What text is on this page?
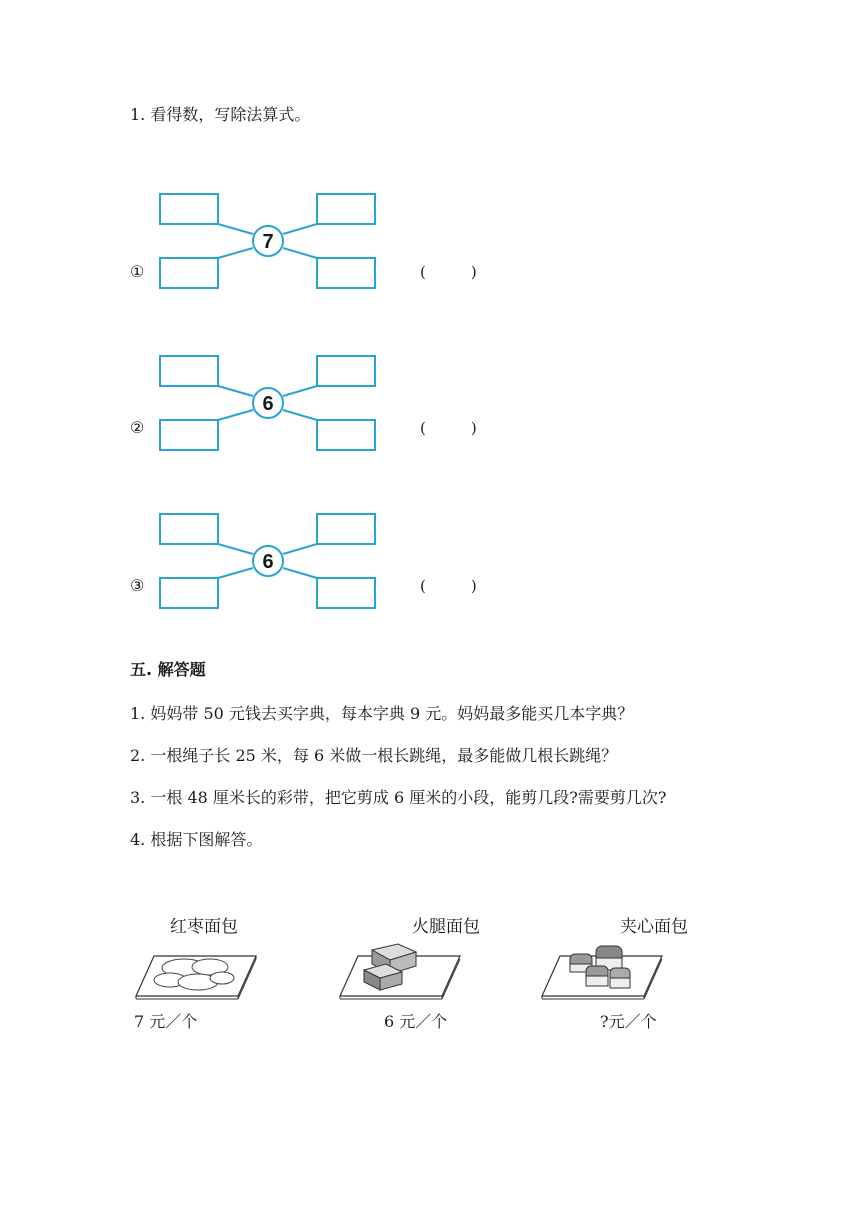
1. 看得数，写除法算式。
①
7
(　　　)
②
6
(　　　)
③
6
(　　　)
五. 解答题
1. 妈妈带 50 元钱去买字典，每本字典 9 元。妈妈最多能买几本字典？
2. 一根绳子长 25 米，每 6 米做一根长跳绳，最多能做几根长跳绳？
3. 一根 48 厘米长的彩带，把它剪成 6 厘米的小段，能剪几段?需要剪几次?
4. 根据下图解答。
红枣面包
7 元／个
火腿面包
6 元／个
夹心面包
?元／个
